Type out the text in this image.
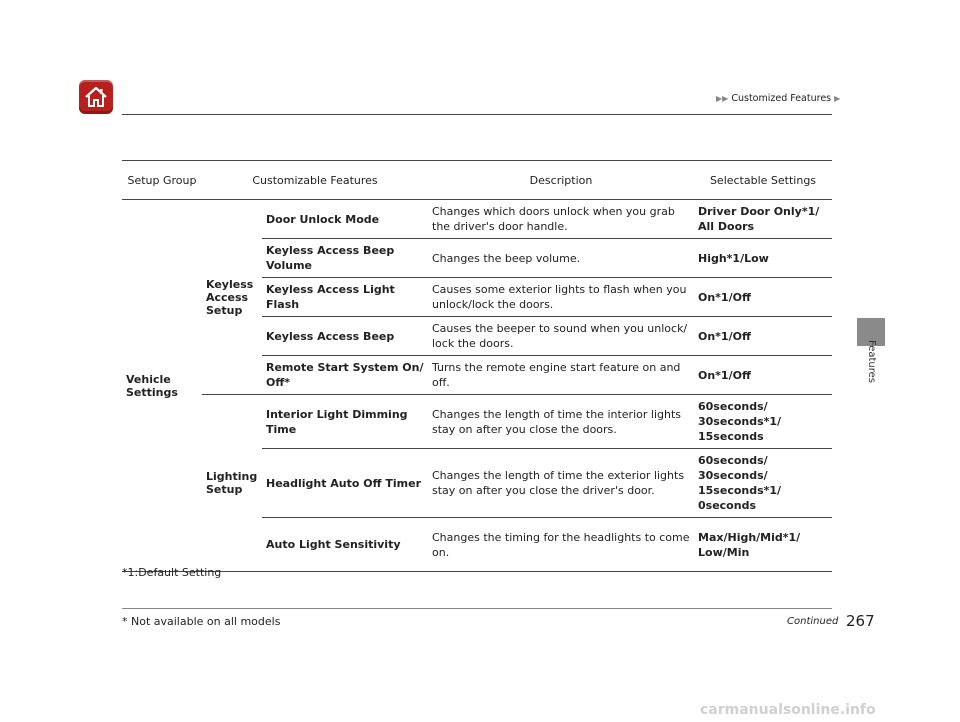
▶▶ Customized Features ▶
Features
Setup Group	Customizable Features		Description	Selectable Settings
Vehicle Settings	Keyless Access Setup	Door Unlock Mode	Changes which doors unlock when you grab the driver's door handle.	Driver Door Only*1/ All Doors
		Keyless Access Beep Volume	Changes the beep volume.	High*1/Low
		Keyless Access Light Flash	Causes some exterior lights to flash when you unlock/lock the doors.	On*1/Off
		Keyless Access Beep	Causes the beeper to sound when you unlock/ lock the doors.	On*1/Off
		Remote Start System On/ Off*	Turns the remote engine start feature on and off.	On*1/Off
	Lighting Setup	Interior Light Dimming Time	Changes the length of time the interior lights stay on after you close the doors.	60seconds/ 30seconds*1/ 15seconds
		Headlight Auto Off Timer	Changes the length of time the exterior lights stay on after you close the driver's door.	60seconds/ 30seconds/ 15seconds*1/ 0seconds
		Auto Light Sensitivity	Changes the timing for the headlights to come on.	Max/High/Mid*1/ Low/Min
*1:Default Setting
* Not available on all models	Continued 267
carmanualsonline.info
